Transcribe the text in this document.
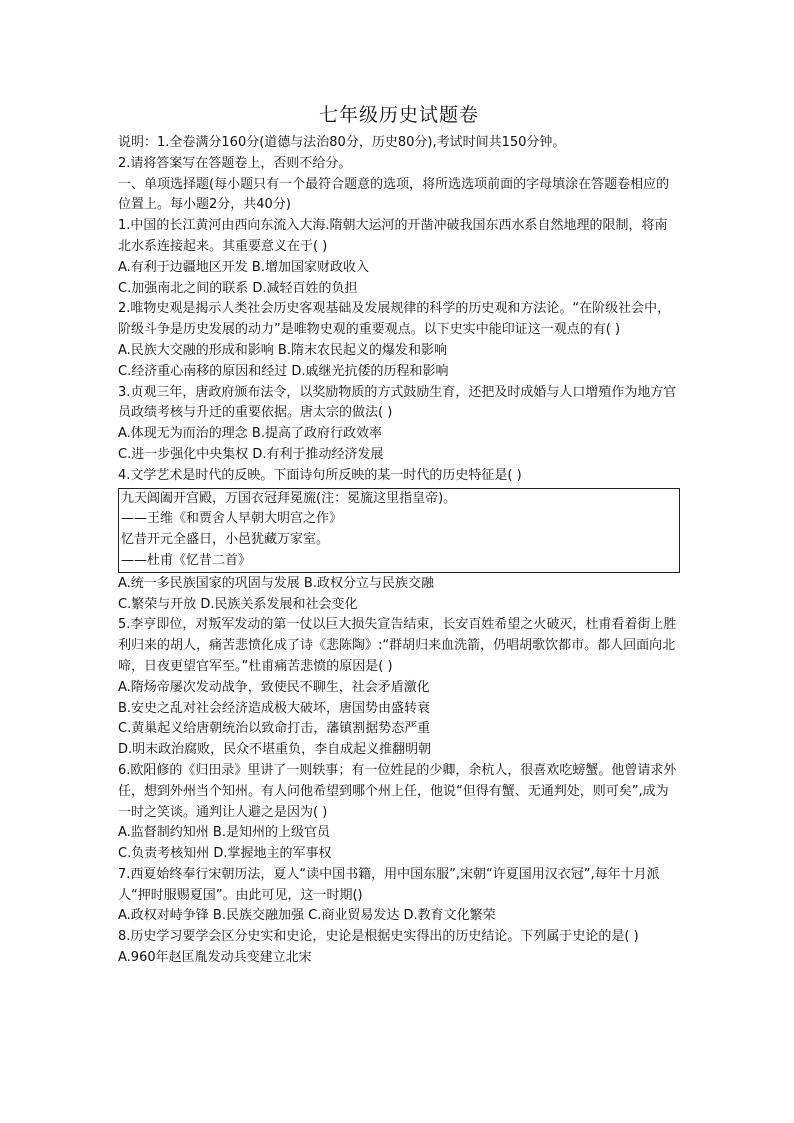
七年级历史试题卷

说明：1.全卷满分160分(道德与法治80分，历史80分),考试时间共150分钟。

2.请将答案写在答题卷上，否则不给分。

一、单项选择题(每小题只有一个最符合题意的选项，将所选选项前面的字母填涂在答题卷相应的位置上。每小题2分，共40分)

1.中国的长江黄河由西向东流入大海.隋朝大运河的开凿冲破我国东西水系自然地理的限制，将南北水系连接起来。其重要意义在于( )

A.有利于边疆地区开发 B.增加国家财政收入

C.加强南北之间的联系 D.减轻百姓的负担

2.唯物史观是揭示人类社会历史客观基础及发展规律的科学的历史观和方法论。“在阶级社会中，阶级斗争是历史发展的动力”是唯物史观的重要观点。以下史实中能印证这一观点的有( )

A.民族大交融的形成和影响 B.隋末农民起义的爆发和影响

C.经济重心南移的原因和经过 D.戚继光抗倭的历程和影响

3.贞观三年，唐政府颁布法令，以奖励物质的方式鼓励生育，还把及时成婚与人口增殖作为地方官员政绩考核与升迁的重要依据。唐太宗的做法( )

A.体现无为而治的理念 B.提高了政府行政效率

C.进一步强化中央集权 D.有利于推动经济发展

4.文学艺术是时代的反映。下面诗句所反映的某一时代的历史特征是( )

九天阊阖开宫殿，万国衣冠拜冕旒(注：冕旒这里指皇帝)。

——王维《和贾舍人早朝大明宫之作》

忆昔开元全盛日，小邑犹藏万家室。

——杜甫《忆昔二首》

A.统一多民族国家的巩固与发展 B.政权分立与民族交融

C.繁荣与开放 D.民族关系发展和社会变化

5.李亨即位，对叛军发动的第一仗以巨大损失宣告结束，长安百姓希望之火破灭，杜甫看着街上胜利归来的胡人，痛苦悲愤化成了诗《悲陈陶》:“群胡归来血洗箭，仍唱胡歌饮都市。都人回面向北啼，日夜更望官军至。”杜甫痛苦悲愤的原因是( )

A.隋炀帝屡次发动战争，致使民不聊生，社会矛盾激化

B.安史之乱对社会经济造成极大破坏，唐国势由盛转衰

C.黄巢起义给唐朝统治以致命打击，藩镇割据势态严重

D.明末政治腐败，民众不堪重负，李自成起义推翻明朝

6.欧阳修的《归田录》里讲了一则轶事；有一位姓昆的少卿，余杭人，很喜欢吃螃蟹。他曾请求外任，想到外州当个知州。有人问他希望到哪个州上任，他说“但得有蟹、无通判处，则可矣”,成为一时之笑谈。通判让人避之是因为( )

A.监督制约知州 B.是知州的上级官员

C.负责考核知州 D.掌握地主的军事权

7.西夏始终奉行宋朝历法，夏人“读中国书籍，用中国东服”,宋朝“许夏国用汉衣冠”,每年十月派人“押时服赐夏国”。由此可见，这一时期()

A.政权对峙争锋 B.民族交融加强 C.商业贸易发达 D.教育文化繁荣

8.历史学习要学会区分史实和史论，史论是根据史实得出的历史结论。下列属于史论的是( )

A.960年赵匡胤发动兵变建立北宋
